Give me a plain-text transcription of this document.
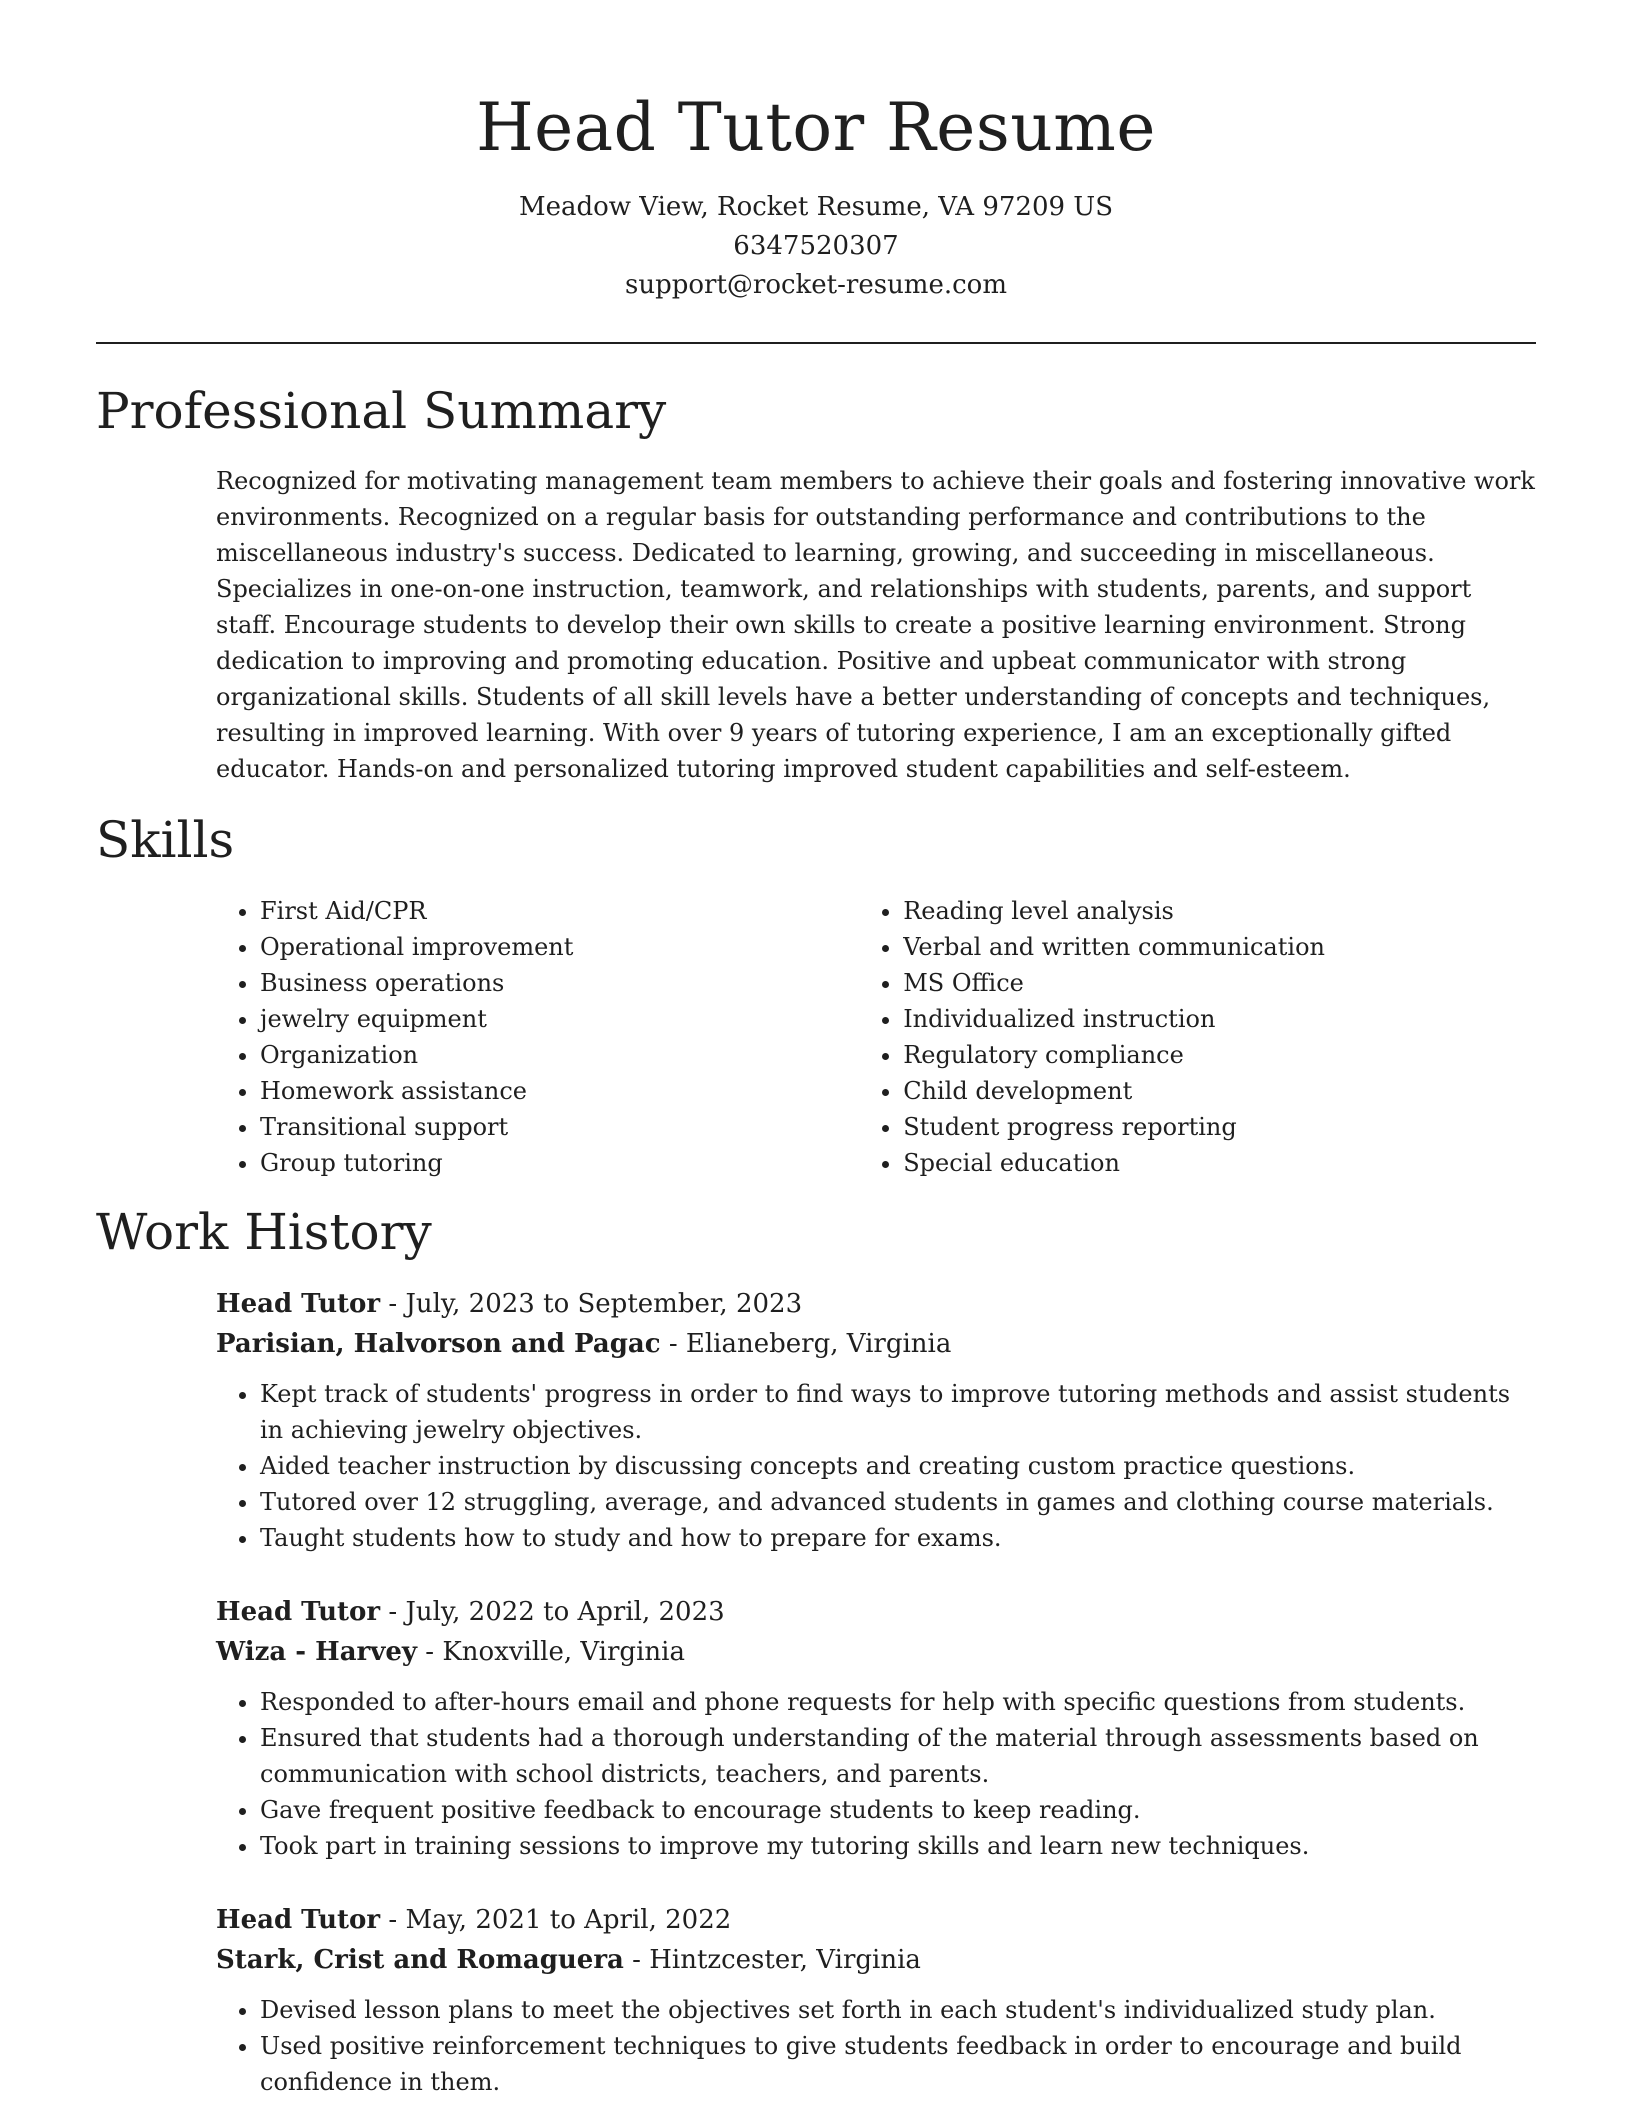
Head Tutor Resume
Meadow View, Rocket Resume, VA 97209 US
6347520307
support@rocket-resume.com
Professional Summary

Recognized for motivating management team members to achieve their goals and fostering innovative work environments. Recognized on a regular basis for outstanding performance and contributions to the miscellaneous industry's success. Dedicated to learning, growing, and succeeding in miscellaneous. Specializes in one-on-one instruction, teamwork, and relationships with students, parents, and support staff. Encourage students to develop their own skills to create a positive learning environment. Strong dedication to improving and promoting education. Positive and upbeat communicator with strong organizational skills. Students of all skill levels have a better understanding of concepts and techniques, resulting in improved learning. With over 9 years of tutoring experience, I am an exceptionally gifted educator. Hands-on and personalized tutoring improved student capabilities and self-esteem.

Skills
• First Aid/CPR
• Operational improvement
• Business operations
• jewelry equipment
• Organization
• Homework assistance
• Transitional support
• Group tutoring
• Reading level analysis
• Verbal and written communication
• MS Office
• Individualized instruction
• Regulatory compliance
• Child development
• Student progress reporting
• Special education
Work History

Head Tutor - July, 2023 to September, 2023

Parisian, Halvorson and Pagac - Elianeberg, Virginia

• Kept track of students' progress in order to find ways to improve tutoring methods and assist students in achieving jewelry objectives.
• Aided teacher instruction by discussing concepts and creating custom practice questions.
• Tutored over 12 struggling, average, and advanced students in games and clothing course materials.
• Taught students how to study and how to prepare for exams.

Head Tutor - July, 2022 to April, 2023

Wiza - Harvey - Knoxville, Virginia

• Responded to after-hours email and phone requests for help with specific questions from students.
• Ensured that students had a thorough understanding of the material through assessments based on communication with school districts, teachers, and parents.
• Gave frequent positive feedback to encourage students to keep reading.
• Took part in training sessions to improve my tutoring skills and learn new techniques.

Head Tutor - May, 2021 to April, 2022

Stark, Crist and Romaguera - Hintzcester, Virginia

• Devised lesson plans to meet the objectives set forth in each student's individualized study plan.
• Used positive reinforcement techniques to give students feedback in order to encourage and build confidence in them.
